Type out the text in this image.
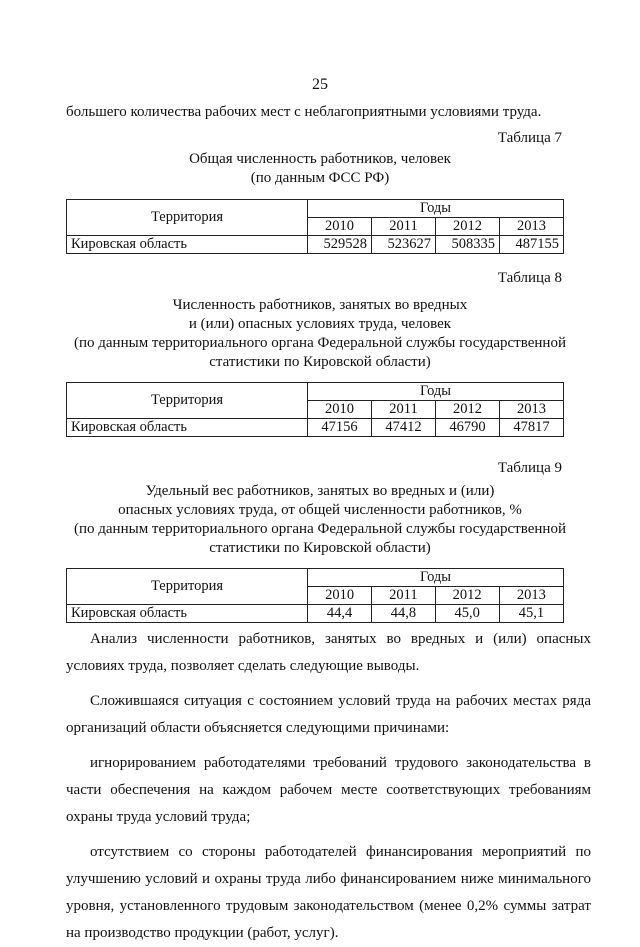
25
большего количества рабочих мест с неблагоприятными условиями труда.
Таблица 7
Общая численность работников, человек
(по данным ФСС РФ)
Территория	Годы			
	2010	2011	2012	2013
Кировская область	529528	523627	508335	487155
Таблица 8
Численность работников, занятых во вредных
и (или) опасных условиях труда, человек
(по данным территориального органа Федеральной службы государственной
статистики по Кировской области)
Территория	Годы			
	2010	2011	2012	2013
Кировская область	47156	47412	46790	47817
Таблица 9
Удельный вес работников, занятых во вредных и (или)
опасных условиях труда, от общей численности работников, %
(по данным территориального органа Федеральной службы государственной
статистики по Кировской области)
Территория	Годы			
	2010	2011	2012	2013
Кировская область	44,4	44,8	45,0	45,1

Анализ численности работников, занятых во вредных и (или) опасных условиях труда, позволяет сделать следующие выводы.

Сложившаяся ситуация с состоянием условий труда на рабочих местах ряда организаций области объясняется следующими причинами:

игнорированием работодателями требований трудового законодательства в части обеспечения на каждом рабочем месте соответствующих требованиям охраны труда условий труда;

отсутствием со стороны работодателей финансирования мероприятий по улучшению условий и охраны труда либо финансированием ниже минимального уровня, установленного трудовым законодательством (менее 0,2% суммы затрат на производство продукции (работ, услуг).
